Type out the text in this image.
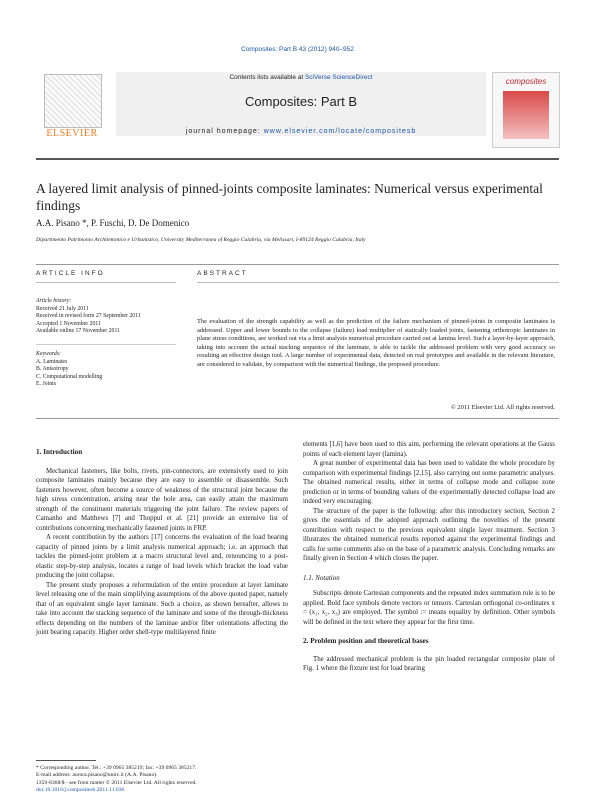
Composites: Part B 43 (2012) 940–952
ELSEVIER
Contents lists available at SciVerse ScienceDirect
Composites: Part B
journal homepage: www.elsevier.com/locate/compositesb
composites
A layered limit analysis of pinned-joints composite laminates: Numerical versus experimental findings
A.A. Pisano *, P. Fuschi, D. De Domenico
Dipartimento Patrimonio Architettonico e Urbanistico, University Mediterranea of Reggio Calabria, via Melissari, I-89124 Reggio Calabria, Italy
ARTICLE INFO	ABSTRACT
Article history:
Received 21 July 2011
Received in revised form 27 September 2011
Accepted 1 November 2011
Available online 17 November 2011
Keywords:
A. Laminates
B. Anisotropy
C. Computational modelling
E. Joints
The evaluation of the strength capability as well as the prediction of the failure mechanism of pinned-joints in composite laminates is addressed. Upper and lower bounds to the collapse (failure) load multiplier of statically loaded joints, fastening orthotropic laminates in plane stress conditions, are worked out via a limit analysis numerical procedure carried out at lamina level. Such a layer-by-layer approach, taking into account the actual stacking sequence of the laminate, is able to tackle the addressed problem with very good accuracy so resulting an effective design tool. A large number of experimental data, detected on real prototypes and available in the relevant literature, are considered to validate, by comparison with the numerical findings, the proposed procedure.
© 2011 Elsevier Ltd. All rights reserved.
1. Introduction

Mechanical fasteners, like bolts, rivets, pin-connectors, are extensively used to join composite laminates mainly because they are easy to assemble or disassemble. Such fasteners however, often become a source of weakness of the structural joint because the high stress concentration, arising near the hole area, can easily attain the maximum strength of the constituent materials triggering the joint failure. The review papers of Camanho and Matthews [7] and Thoppul et al. [21] provide an extensive list of contributions concerning mechanically fastened joints in FRP.

A recent contribution by the authors [17] concerns the evaluation of the load bearing capacity of pinned joints by a limit analysis numerical approach; i.e. an approach that tackles the pinned-joint problem at a macro structural level and, renouncing to a post-elastic step-by-step analysis, locates a range of load levels which bracket the load value producing the joint collapse.

The present study proposes a reformulation of the entire procedure at layer laminate level releasing one of the main simplifying assumptions of the above quoted paper, namely that of an equivalent single layer laminate. Such a choice, as shown hereafter, allows to take into account the stacking sequence of the laminate and some of the through-thickness effects depending on the numbers of the laminae and/or fiber orientations affecting the joint bearing capacity. Higher order shell-type multilayered finite

* Corresponding author. Tel.: +39 0965 385219; fax: +39 0965 385217.
E-mail address: aurora.pisano@unirc.it (A.A. Pisano).
1359-8368/$ - see front matter © 2011 Elsevier Ltd. All rights reserved.
doi:10.1016/j.compositesb.2011.11.030

elements [1,6] have been used to this aim, performing the relevant operations at the Gauss points of each element layer (lamina).

A great number of experimental data has been used to validate the whole procedure by comparison with experimental findings [2,15], also carrying out some parametric analyses. The obtained numerical results, either in terms of collapse mode and collapse zone prediction or in terms of bounding values of the experimentally detected collapse load are indeed very encouraging.

The structure of the paper is the following: after this introductory section, Section 2 gives the essentials of the adopted approach outlining the novelties of the present contribution with respect to the previous equivalent single layer treatment. Section 3 illustrates the obtained numerical results reported against the experimental findings and calls for some comments also on the base of a parametric analysis. Concluding remarks are finally given in Section 4 which closes the paper.

1.1. Notation

Subscripts denote Cartesian components and the repeated index summation rule is to be applied. Bold face symbols denote vectors or tensors. Cartesian orthogonal co-ordinates x = (x₁, x₂, x₃) are employed. The symbol := means equality by definition. Other symbols will be defined in the text where they appear for the first time.

2. Problem position and theoretical bases

The addressed mechanical problem is the pin loaded rectangular composite plate of Fig. 1 where the fixture test for load bearing
